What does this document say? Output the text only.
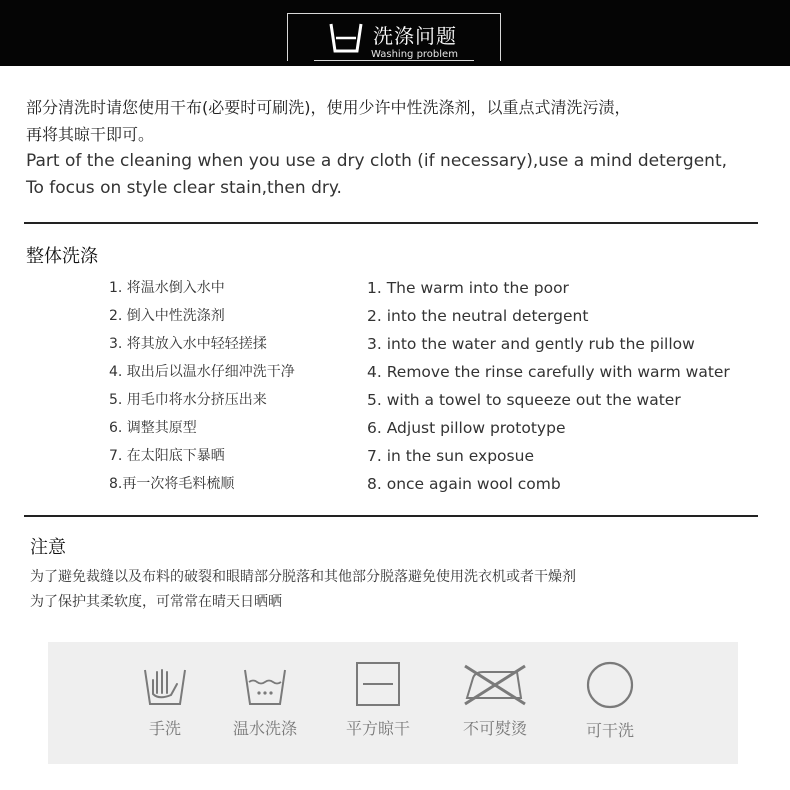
洗涤问题
Washing problem
部分清洗时请您使用干布(必要时可刷洗)，使用少许中性洗涤剂，以重点式清洗污渍，
再将其晾干即可。
Part of the cleaning when you use a dry cloth (if necessary),use a mind detergent,
To focus on style clear stain,then dry.
整体洗涤
1. 将温水倒入水中
2. 倒入中性洗涤剂
3. 将其放入水中轻轻搓揉
4. 取出后以温水仔细冲洗干净
5. 用毛巾将水分挤压出来
6. 调整其原型
7. 在太阳底下暴晒
8.再一次将毛料梳顺
1. The warm into the poor
2. into the neutral detergent
3. into the water and gently rub the pillow
4. Remove the rinse carefully with warm water
5. with a towel to squeeze out the water
6. Adjust pillow prototype
7. in the sun exposue
8. once again wool comb
注意
为了避免裁缝以及布料的破裂和眼睛部分脱落和其他部分脱落避免使用洗衣机或者干燥剂
为了保护其柔软度，可常常在晴天日晒晒
手洗	温水洗涤	平方晾干	不可熨烫	可干洗
